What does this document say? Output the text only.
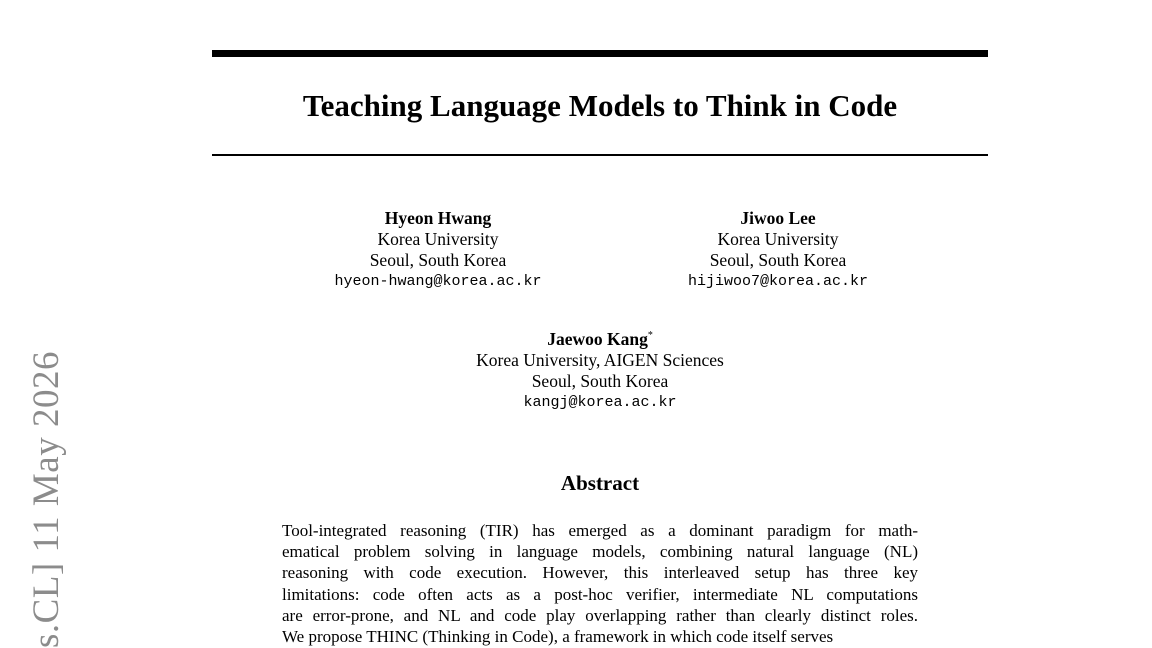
s.CL] 11 May 2026
Teaching Language Models to Think in Code
Hyeon Hwang
Korea University
Seoul, South Korea
hyeon-hwang@korea.ac.kr
Jiwoo Lee
Korea University
Seoul, South Korea
hijiwoo7@korea.ac.kr
Jaewoo Kang*
Korea University, AIGEN Sciences
Seoul, South Korea
kangj@korea.ac.kr
Abstract
Tool-integrated reasoning (TIR) has emerged as a dominant paradigm for math-
ematical problem solving in language models, combining natural language (NL)
reasoning with code execution. However, this interleaved setup has three key
limitations: code often acts as a post-hoc verifier, intermediate NL computations
are error-prone, and NL and code play overlapping rather than clearly distinct roles.
We propose THINC (Thinking in Code), a framework in which code itself serves
